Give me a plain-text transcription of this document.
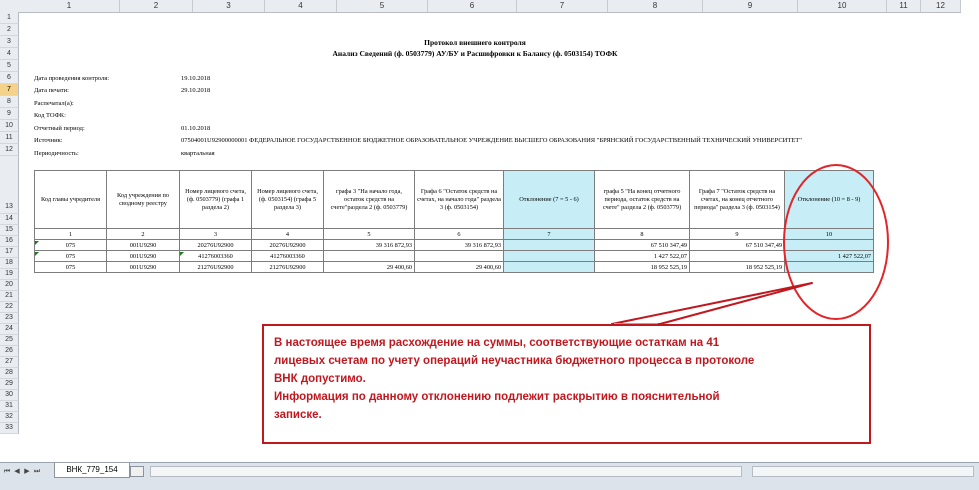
1	2	3	4	5	6	7	8	9	10	11	12
1
2
3
4
5
6
7
8
9
10
11
12
13
14
15
16
17
18
19
20
21
22
23
24
25
26
27
28
29
30
31
32
33
Протокол внешнего контроля
Анализ Сведений (ф. 0503779) АУ/БУ и Расшифровки к Балансу (ф. 0503154) ТОФК
Дата проведения контроля:	19.10.2018
Дата печати:	29.10.2018
Распечатал(а):
Код ТОФК:
Отчетный период:	01.10.2018
Источник:	07504001U92900000001 ФЕДЕРАЛЬНОЕ ГОСУДАРСТВЕННОЕ БЮДЖЕТНОЕ ОБРАЗОВАТЕЛЬНОЕ УЧРЕЖДЕНИЕ ВЫСШЕГО ОБРАЗОВАНИЯ "БРЯНСКИЙ ГОСУДАРСТВЕННЫЙ ТЕХНИЧЕСКИЙ УНИВЕРСИТЕТ"
Периодичность:	квартальная
Код главы учредителя	Код учреждения по сводному реестру	Номер лицевого счета, (ф. 0503779) (графа 1 раздела 2)	Номер лицевого счета, (ф. 0503154) (графа 5 раздела 3)	графа 3 "На начало года, остаток средств на счете"раздела 2 (ф. 0503779)	Графа 6 "Остаток средств на счетах, на начало года" раздела 3 (ф. 0503154)	Отклонение (7 = 5 - 6)	графа 5 "На конец отчетного периода, остаток средств на счете" раздела 2 (ф. 0503779)	Графа 7 "Остаток средств на счетах, на конец отчетного периода" раздела 3 (ф. 0503154)	Отклонение (10 = 8 - 9)
1	2	3	4	5	6	7	8	9	10
075	001U9290	20276U92900	20276U92900	39 316 872,93	39 316 872,93		67 510 347,49	67 510 347,49	
075	001U9290	41276003360	41276003360				1 427 522,07		1 427 522,07
075	001U9290	21276U92900	21276U92900	29 400,60	29 400,60		18 952 525,19	18 952 525,19	
В настоящее время расхождение на суммы, соответствующие остаткам на 41
лицевых счетам по учету операций неучастника бюджетного процесса в протоколе
ВНК допустимо.
Информация по данному отклонению подлежит раскрытию в пояснительной
записке.
⏮ ◀ ▶ ⏭	ВНК_779_154
